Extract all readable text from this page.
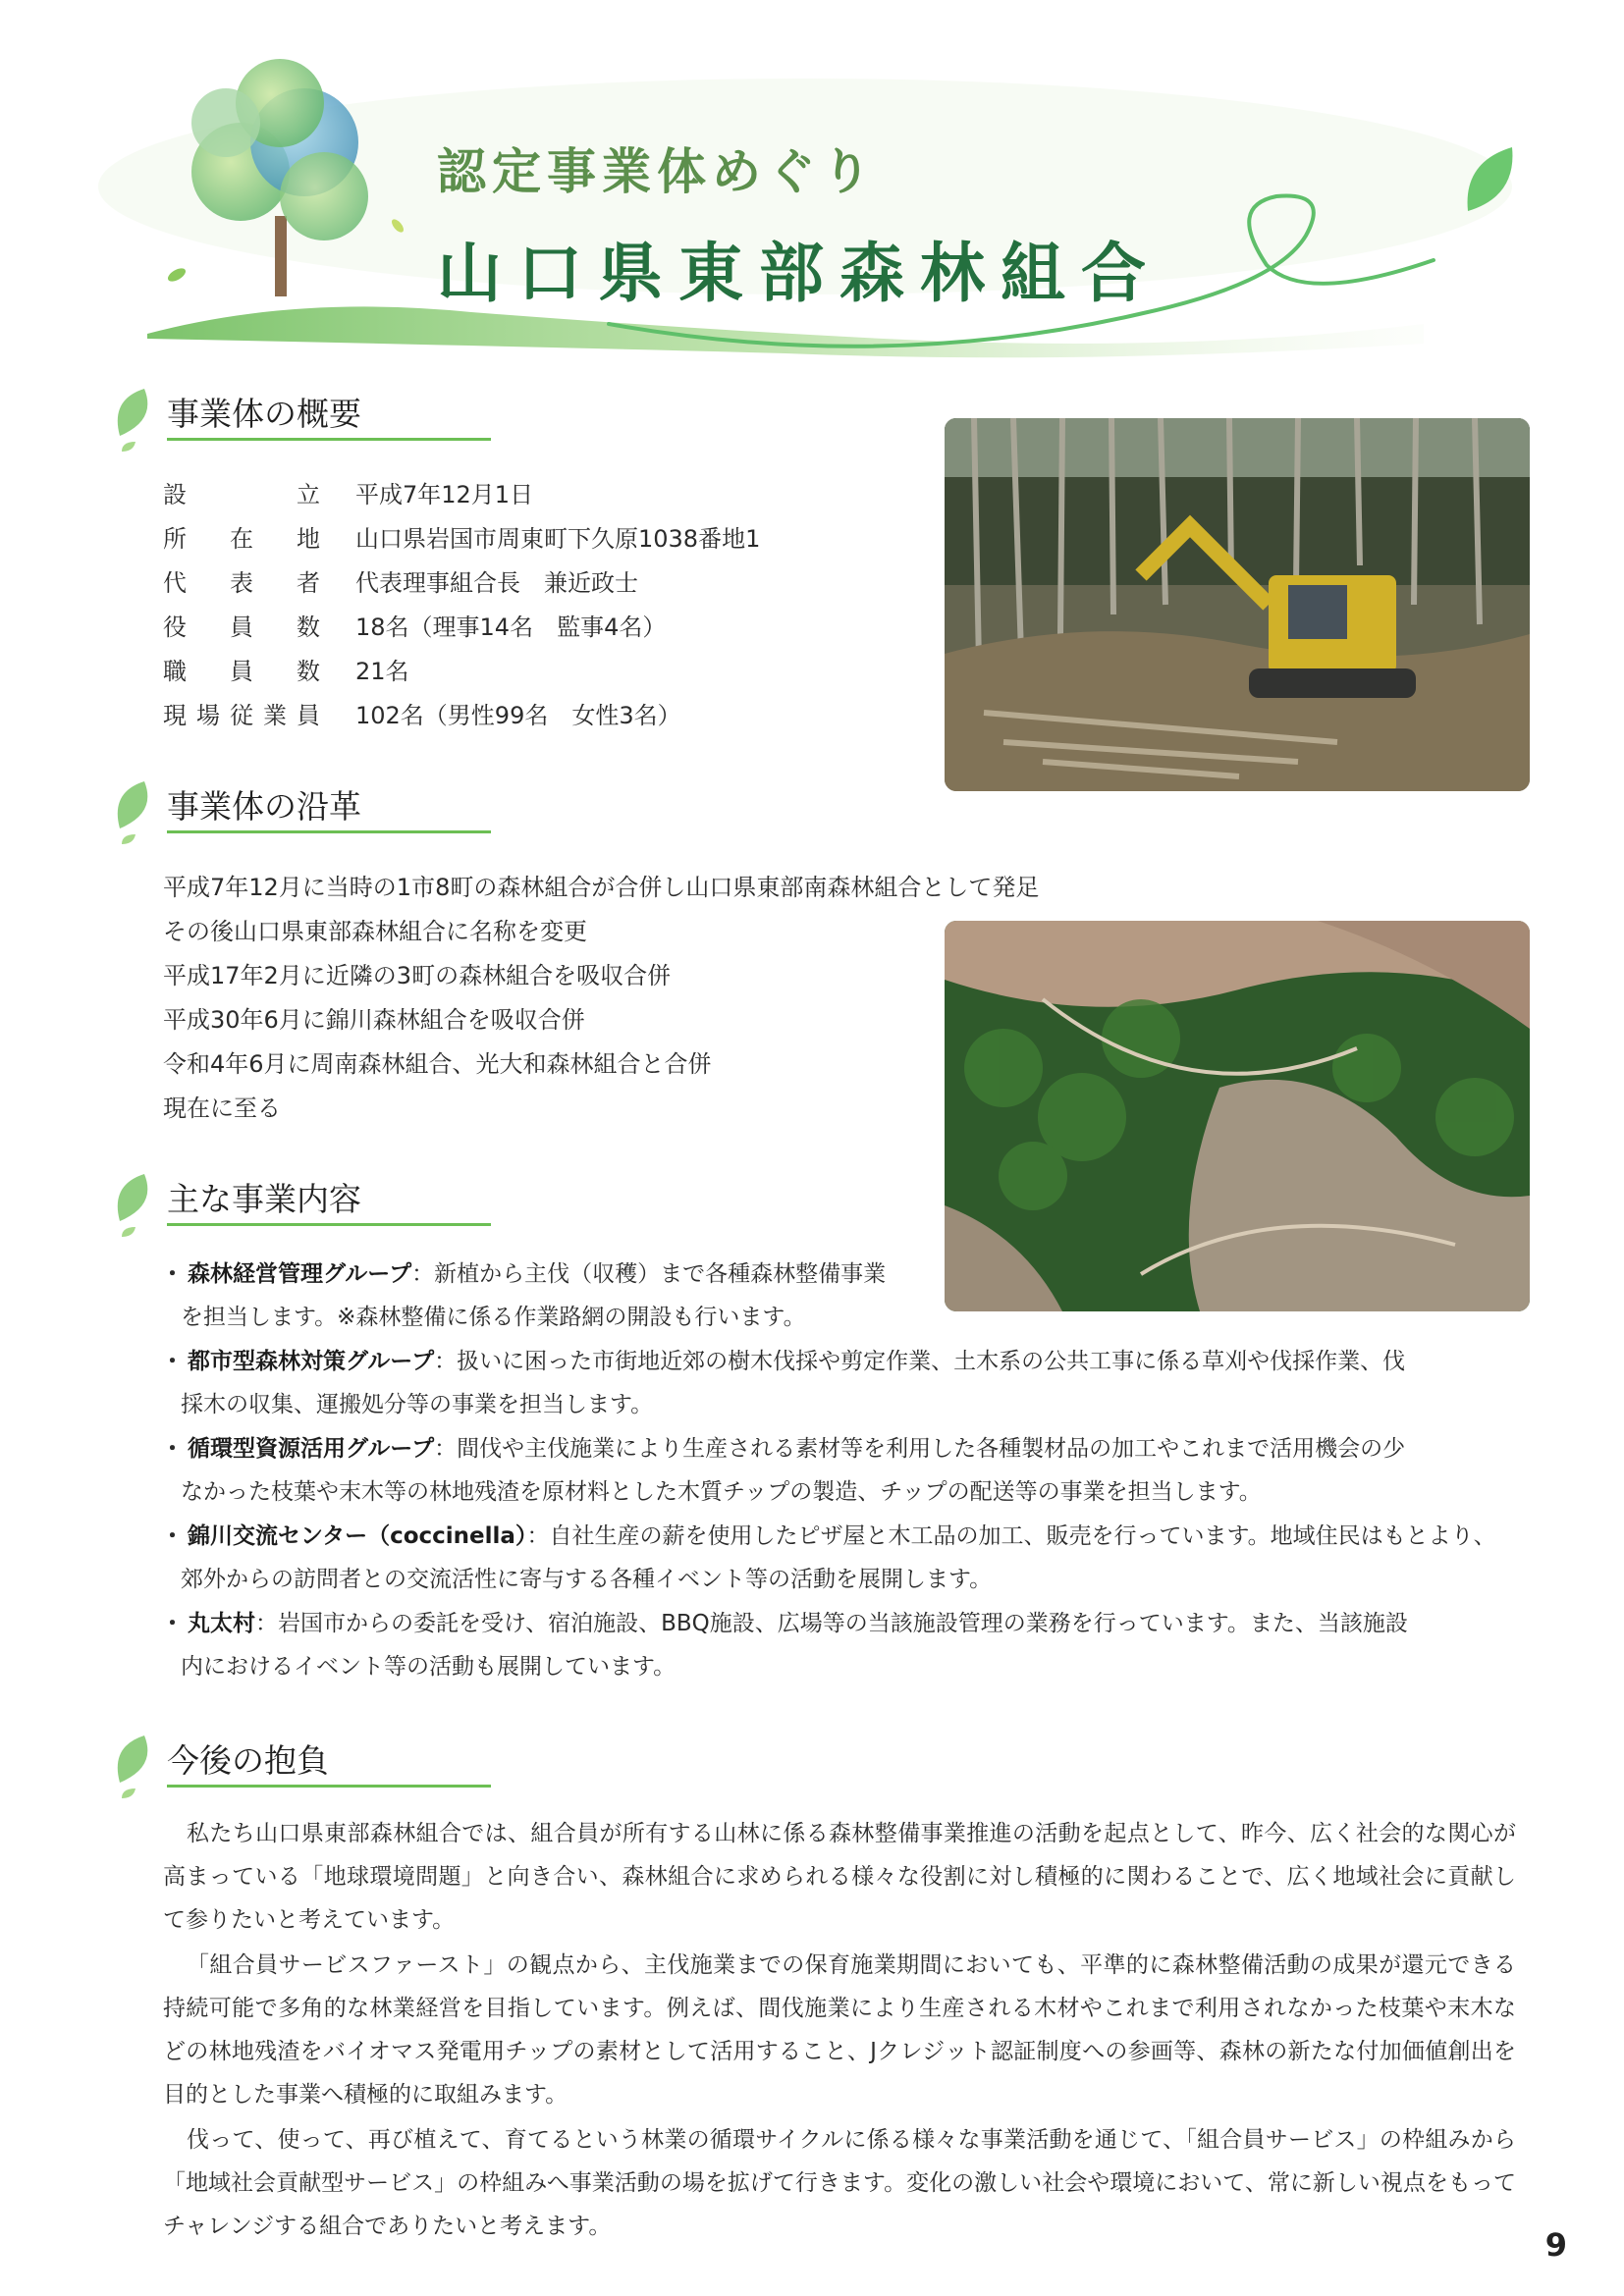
認定事業体めぐり
山口県東部森林組合
事業体の概要
設	立 平成7年12月1日
所 在 地 山口県岩国市周東町下久原1038番地1
代 表 者 代表理事組合長　兼近政士
役 員 数 18名（理事14名　監事4名）
職 員 数 21名
現 場 従 業 員 102名（男性99名　女性3名）
事業体の沿革
平成7年12月に当時の1市8町の森林組合が合併し山口県東部南森林組合として発足
その後山口県東部森林組合に名称を変更
平成17年2月に近隣の3町の森林組合を吸収合併
平成30年6月に錦川森林組合を吸収合併
令和4年6月に周南森林組合、光大和森林組合と合併
現在に至る
主な事業内容
・ 森林経営管理グループ：新植から主伐（収穫）まで各種森林整備事業
を担当します。※森林整備に係る作業路網の開設も行います。
・ 都市型森林対策グループ：扱いに困った市街地近郊の樹木伐採や剪定作業、土木系の公共工事に係る草刈や伐採作業、伐
採木の収集、運搬処分等の事業を担当します。
・ 循環型資源活用グループ：間伐や主伐施業により生産される素材等を利用した各種製材品の加工やこれまで活用機会の少
なかった枝葉や末木等の林地残渣を原材料とした木質チップの製造、チップの配送等の事業を担当します。
・ 錦川交流センター（coccinella）：自社生産の薪を使用したピザ屋と木工品の加工、販売を行っています。地域住民はもとより、
郊外からの訪問者との交流活性に寄与する各種イベント等の活動を展開します。
・ 丸太村：岩国市からの委託を受け、宿泊施設、BBQ施設、広場等の当該施設管理の業務を行っています。また、当該施設
内におけるイベント等の活動も展開しています。
今後の抱負
私たち山口県東部森林組合では、組合員が所有する山林に係る森林整備事業推進の活動を起点として、昨今、広く社会的な関心が高まっている「地球環境問題」と向き合い、森林組合に求められる様々な役割に対し積極的に関わることで、広く地域社会に貢献して参りたいと考えています。
「組合員サービスファースト」の観点から、主伐施業までの保育施業期間においても、平準的に森林整備活動の成果が還元できる持続可能で多角的な林業経営を目指しています。例えば、間伐施業により生産される木材やこれまで利用されなかった枝葉や末木などの林地残渣をバイオマス発電用チップの素材として活用すること、Jクレジット認証制度への参画等、森林の新たな付加価値創出を目的とした事業へ積極的に取組みます。
伐って、使って、再び植えて、育てるという林業の循環サイクルに係る様々な事業活動を通じて、「組合員サービス」の枠組みから「地域社会貢献型サービス」の枠組みへ事業活動の場を拡げて行きます。変化の激しい社会や環境において、常に新しい視点をもってチャレンジする組合でありたいと考えます。	9
